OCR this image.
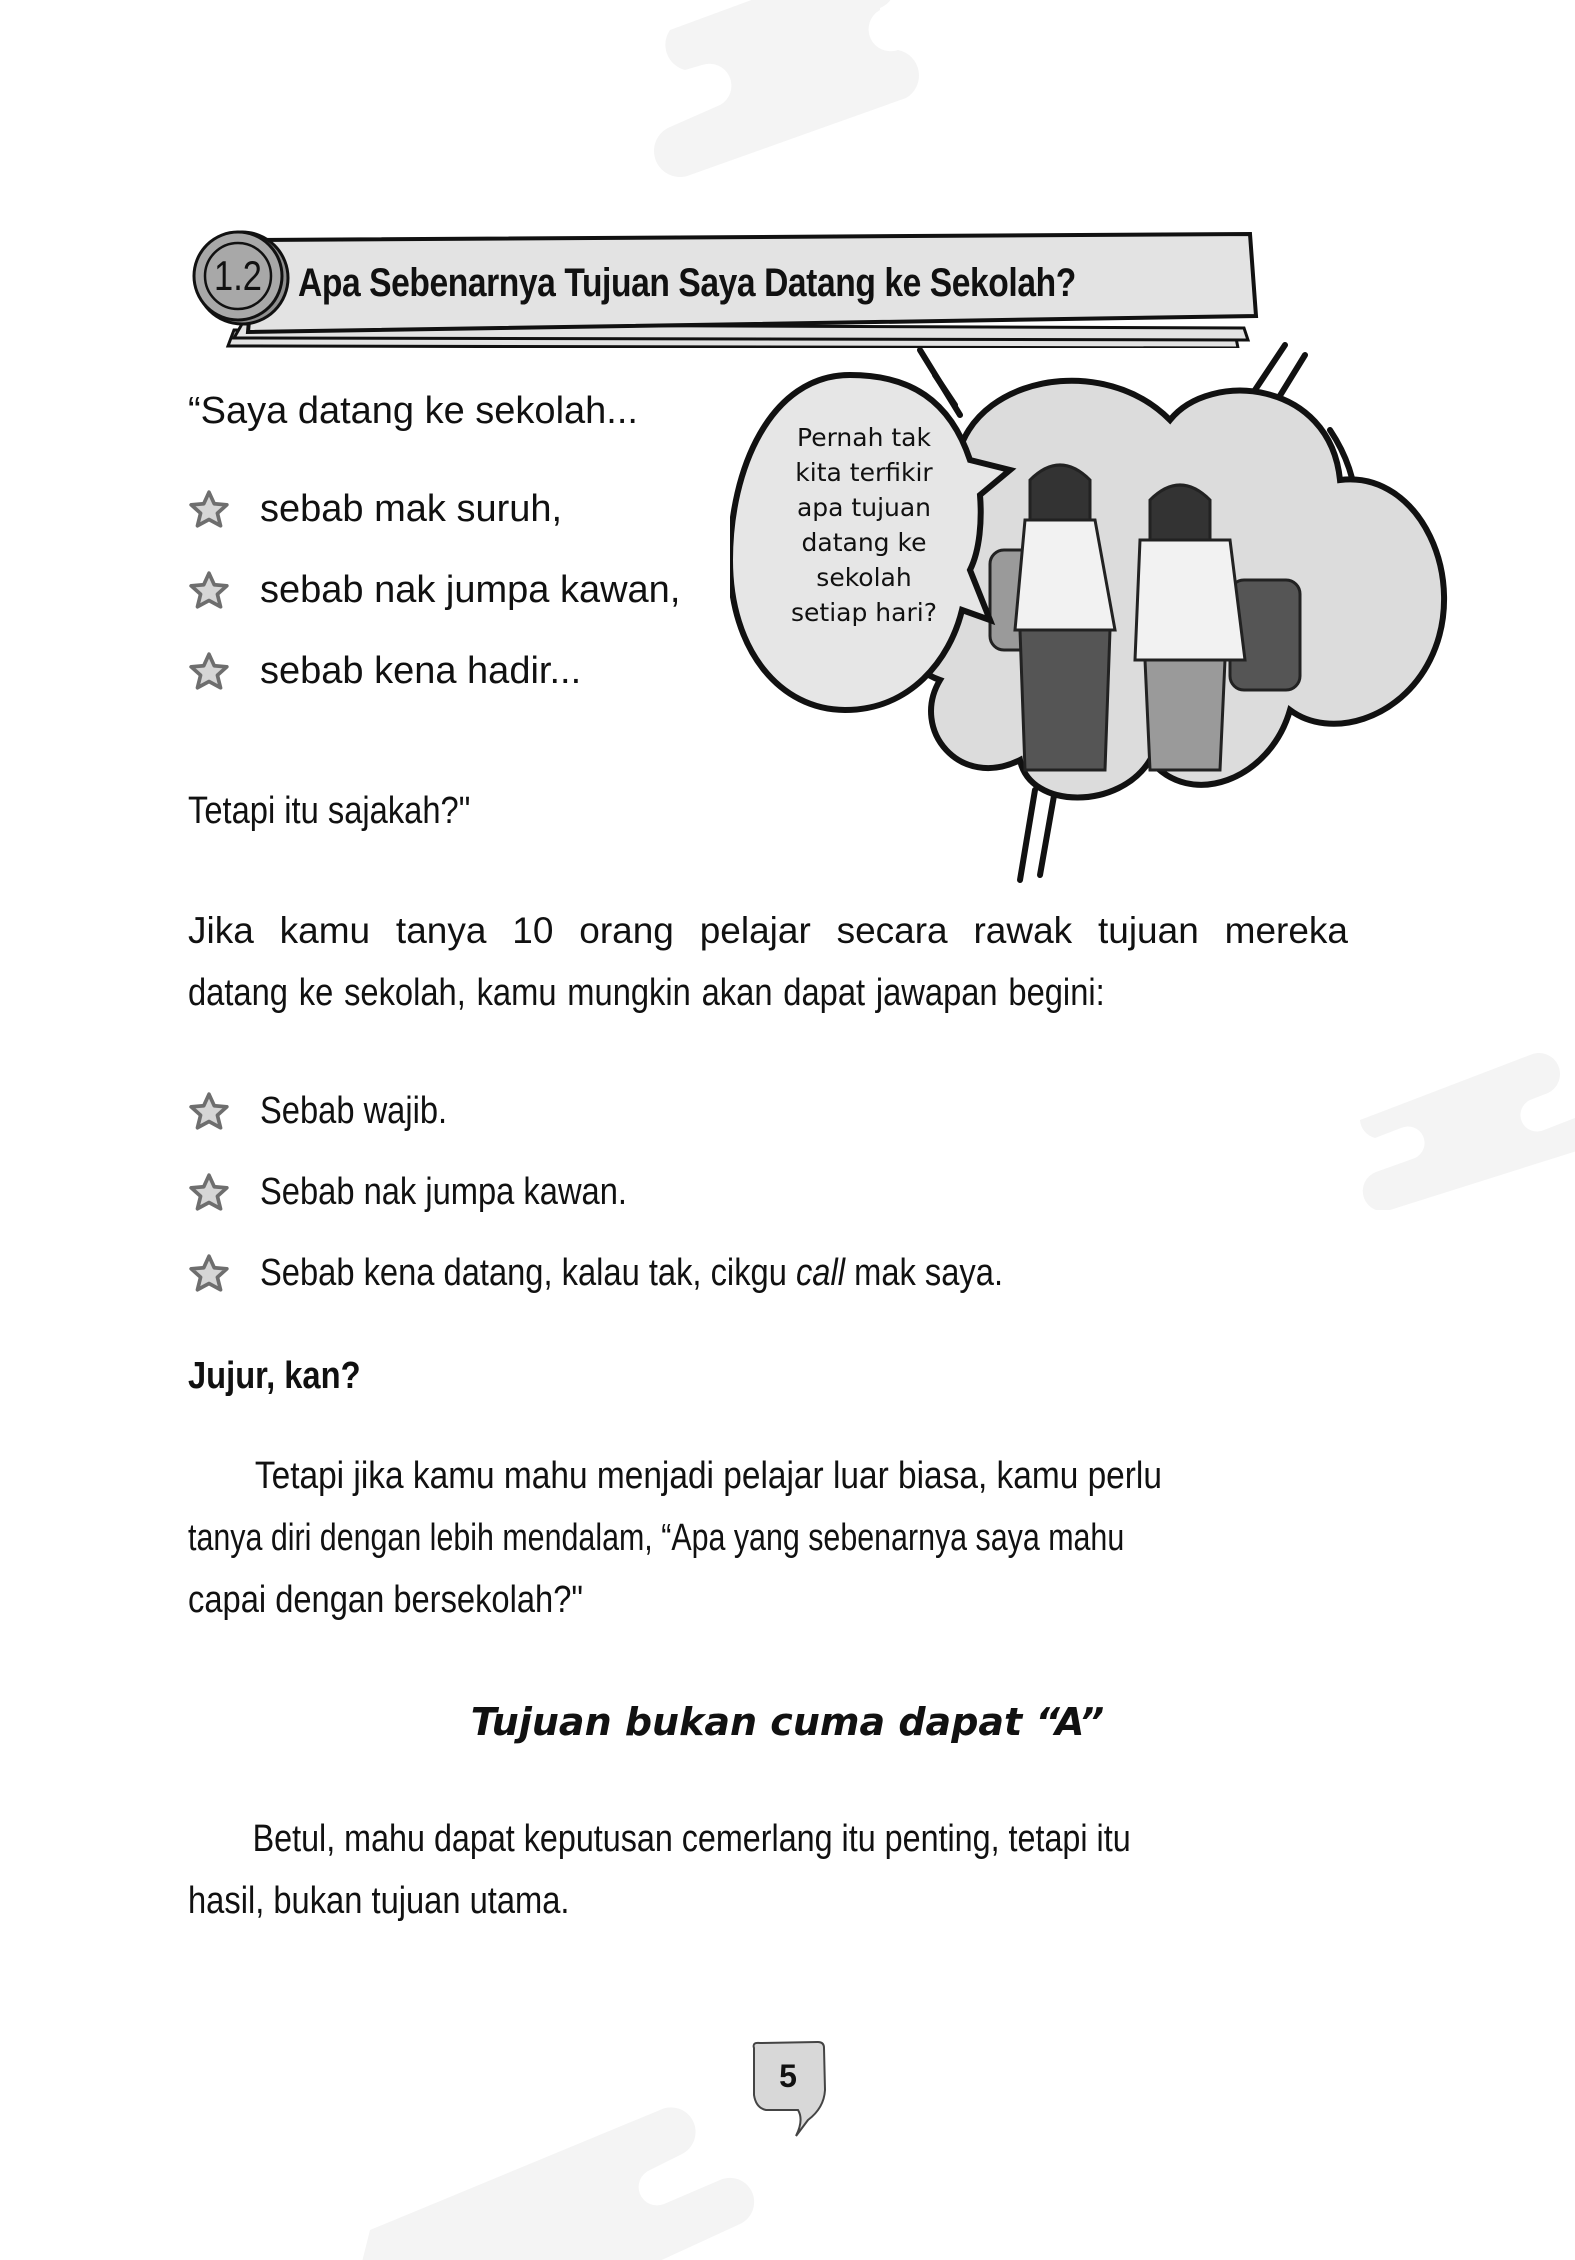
1.2 Apa Sebenarnya Tujuan Saya Datang ke Sekolah?
“Saya datang ke sekolah...
sebab mak suruh,
sebab nak jumpa kawan,
sebab kena hadir...
Tetapi itu sajakah?"
Pernah tak
kita terfikir
apa tujuan
datang ke
sekolah
setiap hari?
Jika kamu tanya 10 orang pelajar secara rawak tujuan mereka
datang ke sekolah, kamu mungkin akan dapat jawapan begini:
Sebab wajib.
Sebab nak jumpa kawan.
Sebab kena datang, kalau tak, cikgu call mak saya.
Jujur, kan?
Tetapi jika kamu mahu menjadi pelajar luar biasa, kamu perlu
tanya diri dengan lebih mendalam, “Apa yang sebenarnya saya mahu
capai dengan bersekolah?"
Tujuan bukan cuma dapat “A”
Betul, mahu dapat keputusan cemerlang itu penting, tetapi itu
hasil, bukan tujuan utama.
5
